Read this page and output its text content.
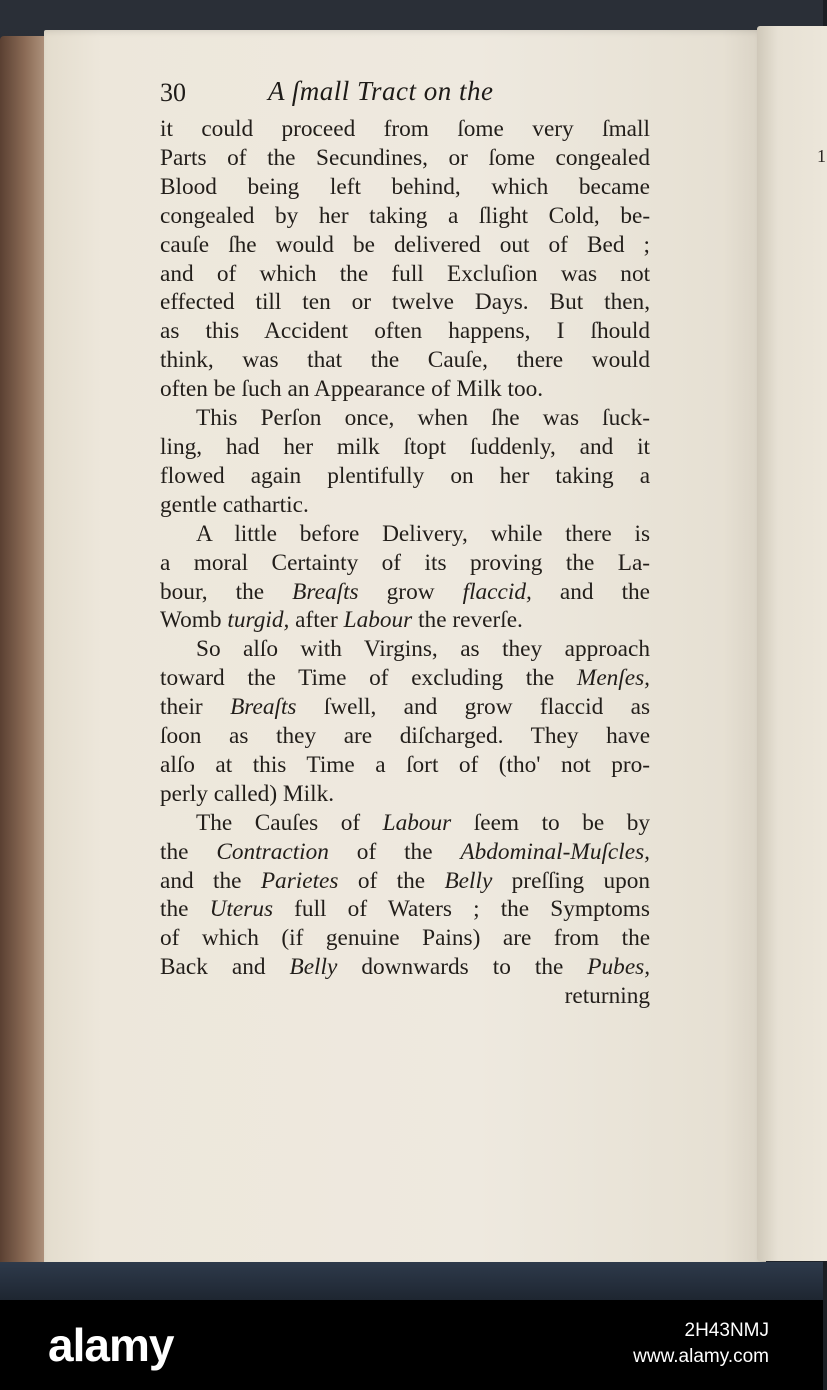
1
30	A ſmall Tract on the
it could proceed from ſome very ſmall
Parts of the Secundines, or ſome congealed
Blood being left behind, which became
congealed by her taking a ſlight Cold, be-
cauſe ſhe would be delivered out of Bed ;
and of which the full Excluſion was not
effected till ten or twelve Days. But then,
as this Accident often happens, I ſhould
think, was that the Cauſe, there would
often be ſuch an Appearance of Milk too.
This Perſon once, when ſhe was ſuck-
ling, had her milk ſtopt ſuddenly, and it
flowed again plentifully on her taking a
gentle cathartic.
A little before Delivery, while there is
a moral Certainty of its proving the La-
bour, the Breaſts grow flaccid, and the
Womb turgid, after Labour the reverſe.
So alſo with Virgins, as they approach
toward the Time of excluding the Menſes,
their Breaſts ſwell, and grow flaccid as
ſoon as they are diſcharged. They have
alſo at this Time a ſort of (tho' not pro-
perly called) Milk.
The Cauſes of Labour ſeem to be by
the Contraction of the Abdominal-Muſcles,
and the Parietes of the Belly preſſing upon
the Uterus full of Waters ; the Symptoms
of which (if genuine Pains) are from the
Back and Belly downwards to the Pubes,
returning
alamy	2H43NMJ
www.alamy.com
